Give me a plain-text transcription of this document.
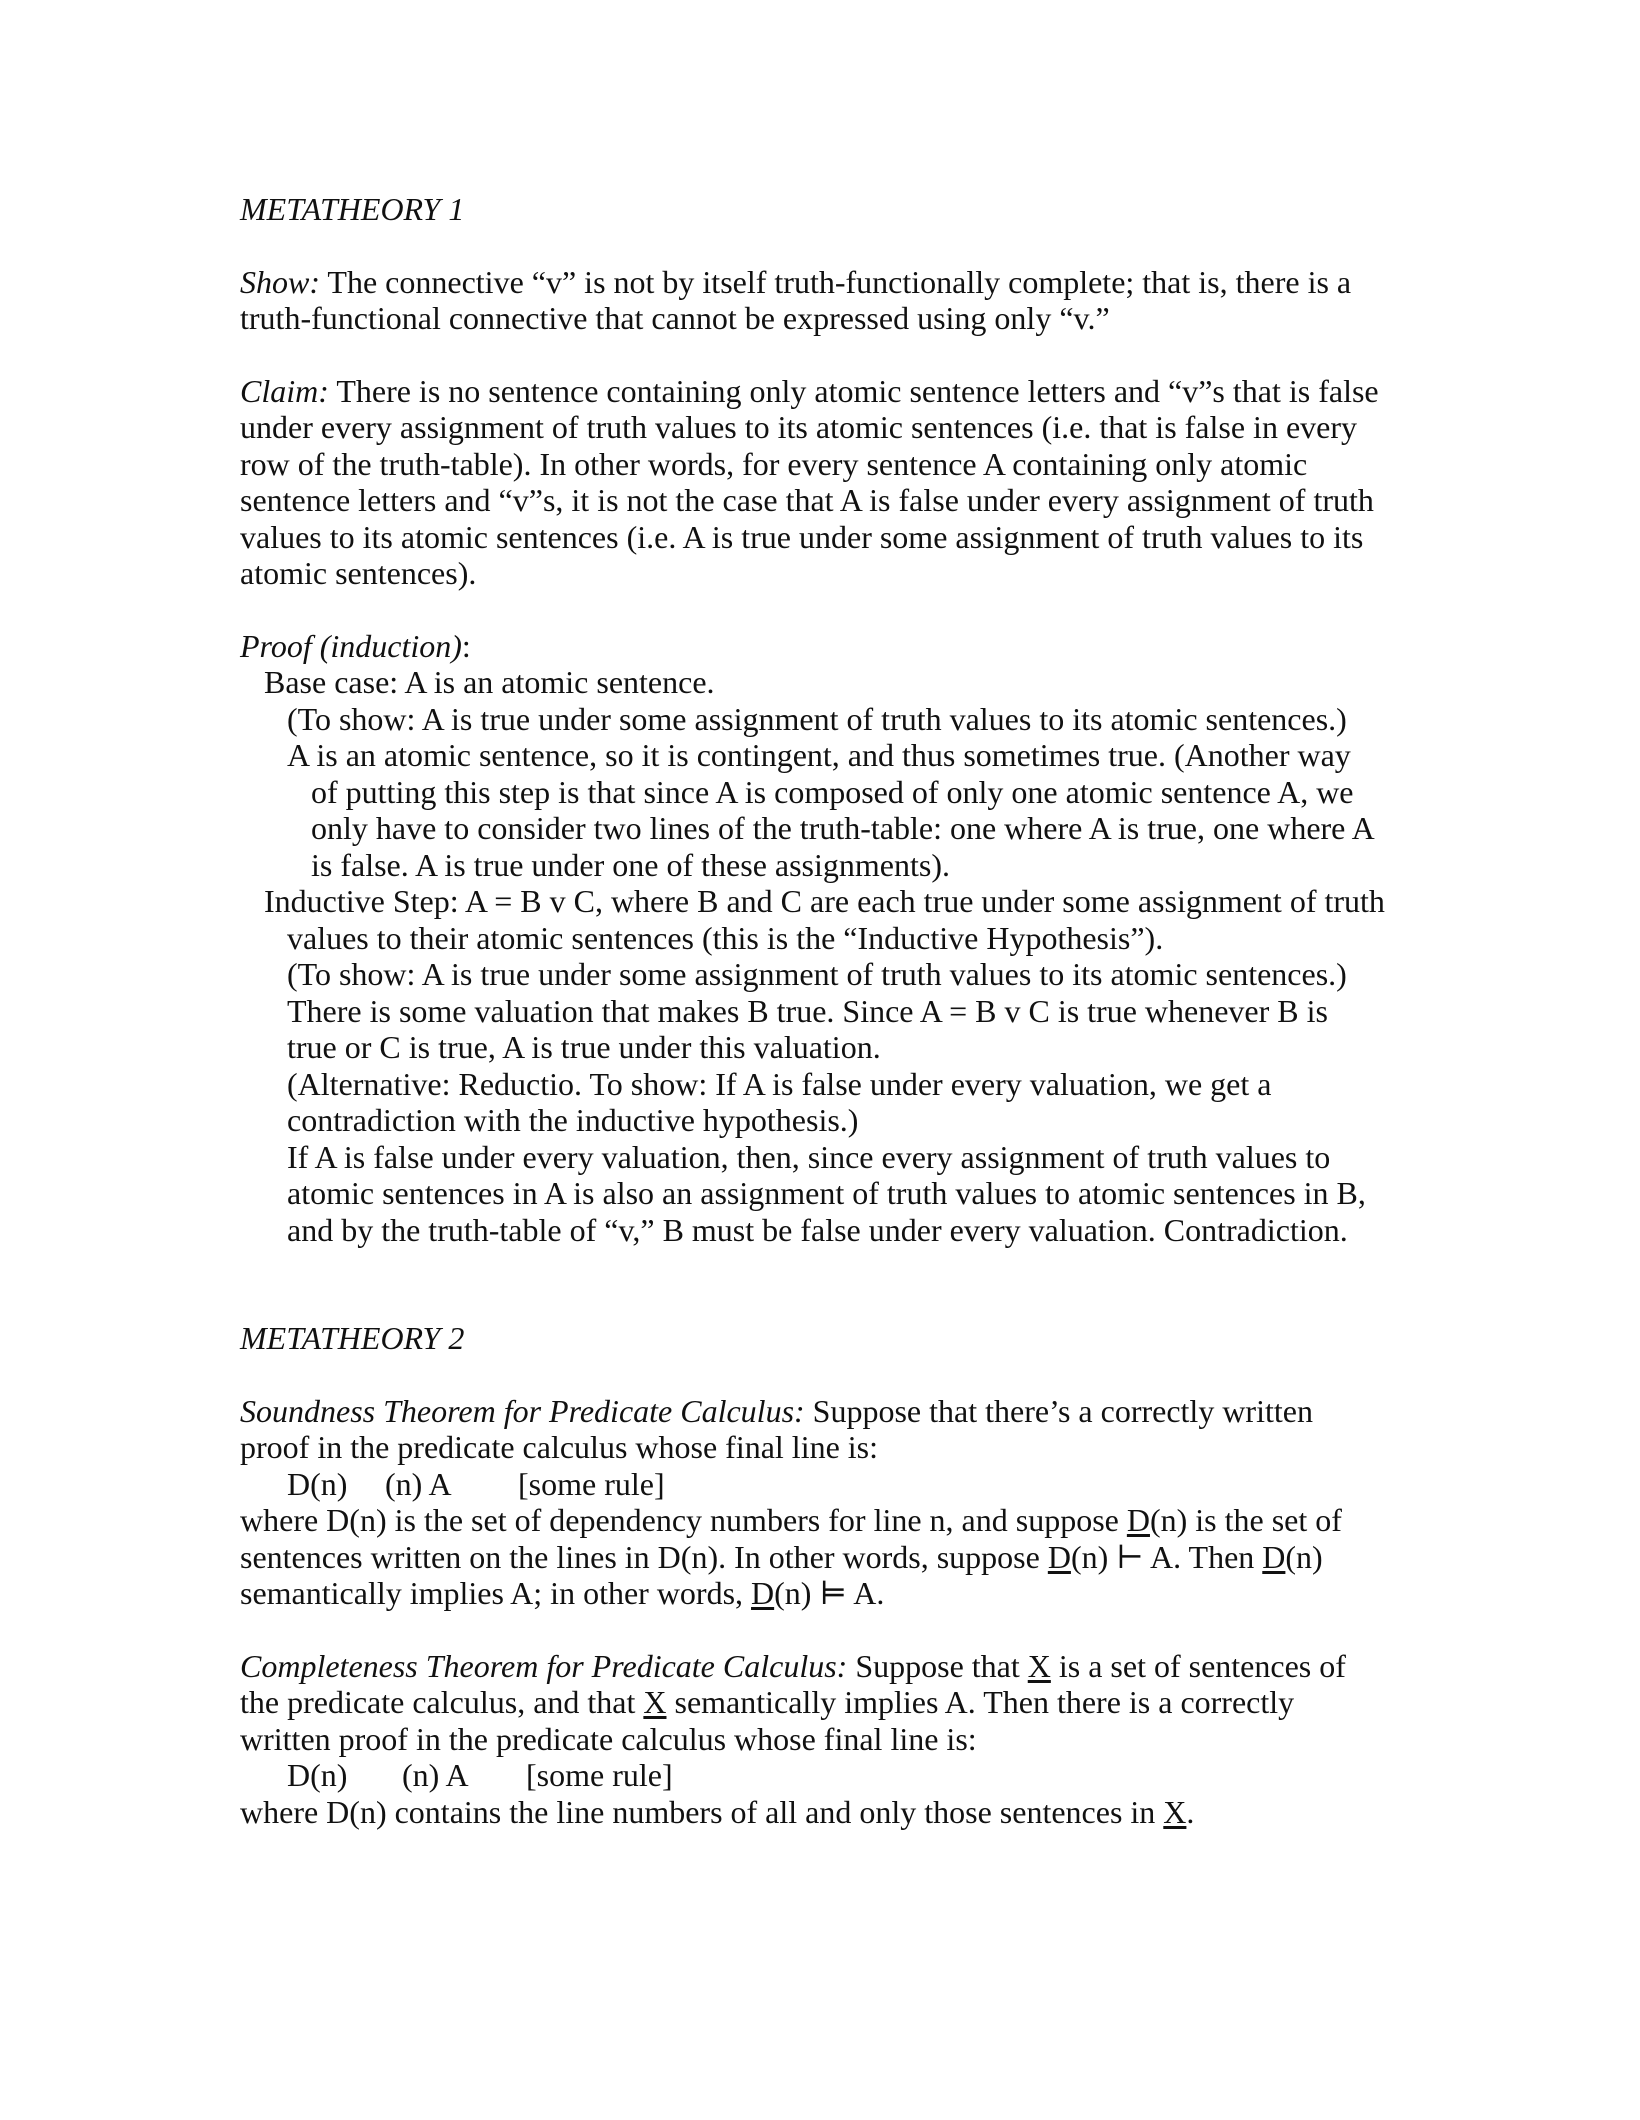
METATHEORY 1

Show: The connective “v” is not by itself truth-functionally complete; that is, there is a

truth-functional connective that cannot be expressed using only “v.”

Claim: There is no sentence containing only atomic sentence letters and “v”s that is false

under every assignment of truth values to its atomic sentences (i.e. that is false in every

row of the truth-table). In other words, for every sentence A containing only atomic

sentence letters and “v”s, it is not the case that A is false under every assignment of truth

values to its atomic sentences (i.e. A is true under some assignment of truth values to its

atomic sentences).

Proof (induction):

Base case: A is an atomic sentence.

(To show: A is true under some assignment of truth values to its atomic sentences.)

A is an atomic sentence, so it is contingent, and thus sometimes true. (Another way

of putting this step is that since A is composed of only one atomic sentence A, we

only have to consider two lines of the truth-table: one where A is true, one where A

is false. A is true under one of these assignments).

Inductive Step: A = B v C, where B and C are each true under some assignment of truth

values to their atomic sentences (this is the “Inductive Hypothesis”).

(To show: A is true under some assignment of truth values to its atomic sentences.)

There is some valuation that makes B true. Since A = B v C is true whenever B is

true or C is true, A is true under this valuation.

(Alternative: Reductio. To show: If A is false under every valuation, we get a

contradiction with the inductive hypothesis.)

If A is false under every valuation, then, since every assignment of truth values to

atomic sentences in A is also an assignment of truth values to atomic sentences in B,

and by the truth-table of “v,” B must be false under every valuation. Contradiction.

METATHEORY 2

Soundness Theorem for Predicate Calculus: Suppose that there’s a correctly written

proof in the predicate calculus whose final line is:

D(n) (n) A [some rule]

where D(n) is the set of dependency numbers for line n, and suppose D(n) is the set of

sentences written on the lines in D(n). In other words, suppose D(n) ⊢ A. Then D(n)

semantically implies A; in other words, D(n) ⊨ A.

Completeness Theorem for Predicate Calculus: Suppose that X is a set of sentences of

the predicate calculus, and that X semantically implies A. Then there is a correctly

written proof in the predicate calculus whose final line is:

D(n) (n) A [some rule]

where D(n) contains the line numbers of all and only those sentences in X.
